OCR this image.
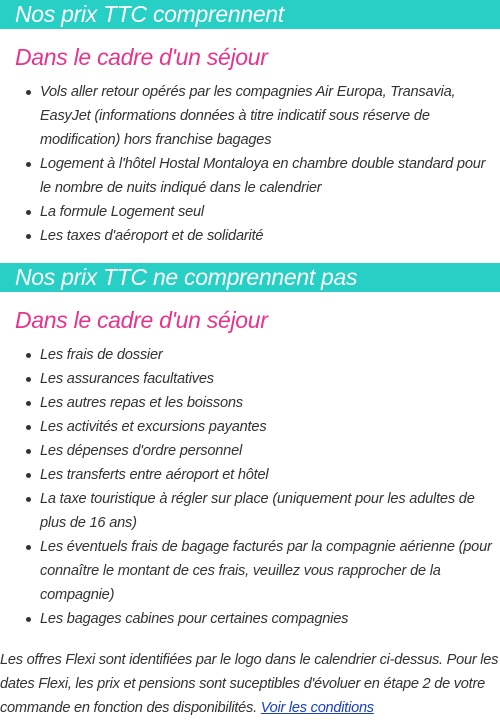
Nos prix TTC comprennent
Dans le cadre d'un séjour
Vols aller retour opérés par les compagnies Air Europa, Transavia, EasyJet (informations données à titre indicatif sous réserve de modification) hors franchise bagages
Logement à l'hôtel Hostal Montaloya en chambre double standard pour le nombre de nuits indiqué dans le calendrier
La formule Logement seul
Les taxes d'aéroport et de solidarité
Nos prix TTC ne comprennent pas
Dans le cadre d'un séjour
Les frais de dossier
Les assurances facultatives
Les autres repas et les boissons
Les activités et excursions payantes
Les dépenses d'ordre personnel
Les transferts entre aéroport et hôtel
La taxe touristique à régler sur place (uniquement pour les adultes de plus de 16 ans)
Les éventuels frais de bagage facturés par la compagnie aérienne (pour connaître le montant de ces frais, veuillez vous rapprocher de la compagnie)
Les bagages cabines pour certaines compagnies
Les offres Flexi sont identifiées par le logo dans le calendrier ci-dessus. Pour les dates Flexi, les prix et pensions sont suceptibles d'évoluer en étape 2 de votre commande en fonction des disponibilités. Voir les conditions
